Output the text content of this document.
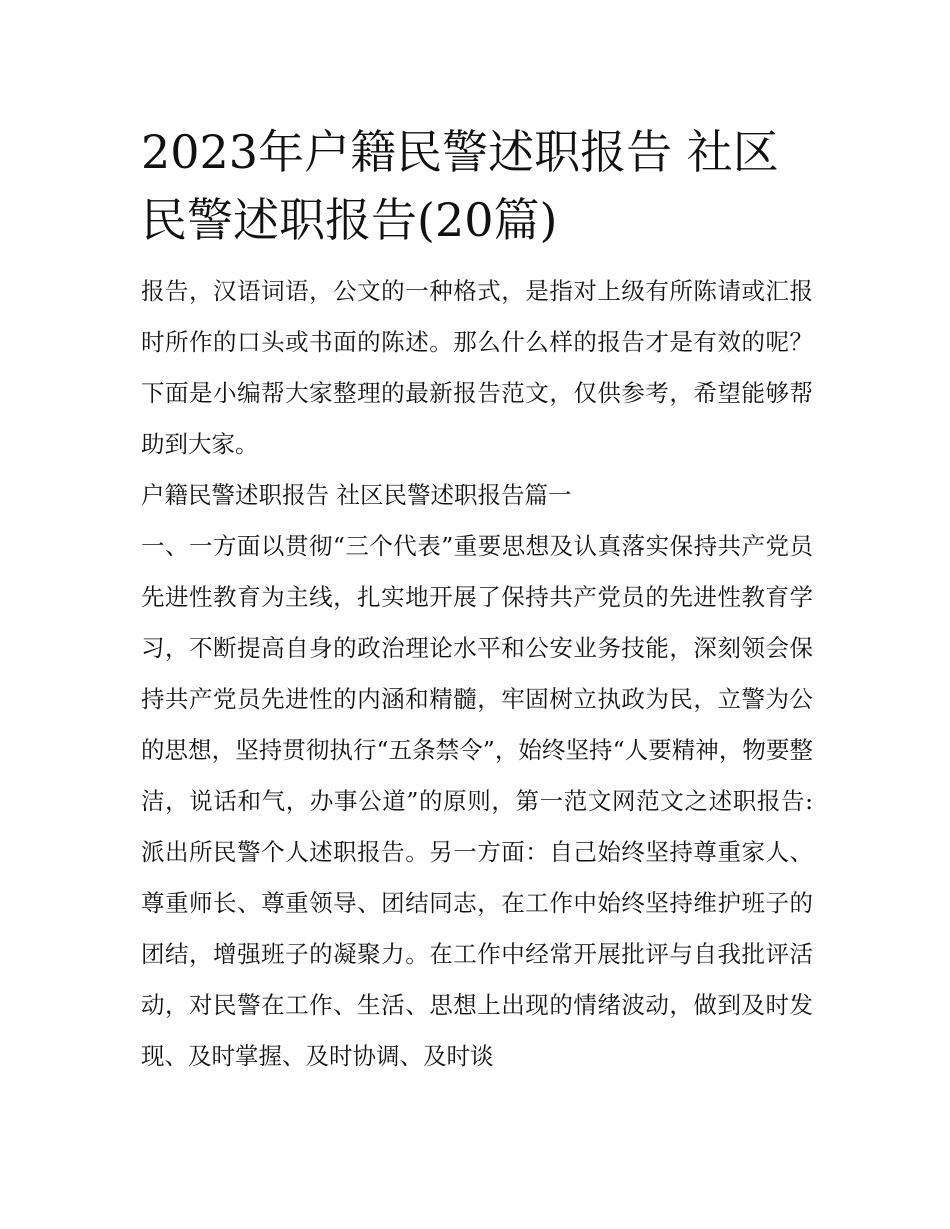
2023年户籍民警述职报告 社区民警述职报告(20篇)

报告，汉语词语，公文的一种格式，是指对上级有所陈请或汇报时所作的口头或书面的陈述。那么什么样的报告才是有效的呢？下面是小编帮大家整理的最新报告范文，仅供参考，希望能够帮助到大家。

户籍民警述职报告 社区民警述职报告篇一

一、一方面以贯彻“三个代表”重要思想及认真落实保持共产党员先进性教育为主线，扎实地开展了保持共产党员的先进性教育学习，不断提高自身的政治理论水平和公安业务技能，深刻领会保持共产党员先进性的内涵和精髓，牢固树立执政为民，立警为公的思想，坚持贯彻执行“五条禁令”，始终坚持“人要精神，物要整洁，说话和气，办事公道”的原则，第一范文网范文之述职报告:派出所民警个人述职报告。另一方面：自己始终坚持尊重家人、尊重师长、尊重领导、团结同志，在工作中始终坚持维护班子的团结，增强班子的凝聚力。在工作中经常开展批评与自我批评活动，对民警在工作、生活、思想上出现的情绪波动，做到及时发现、及时掌握、及时协调、及时谈
